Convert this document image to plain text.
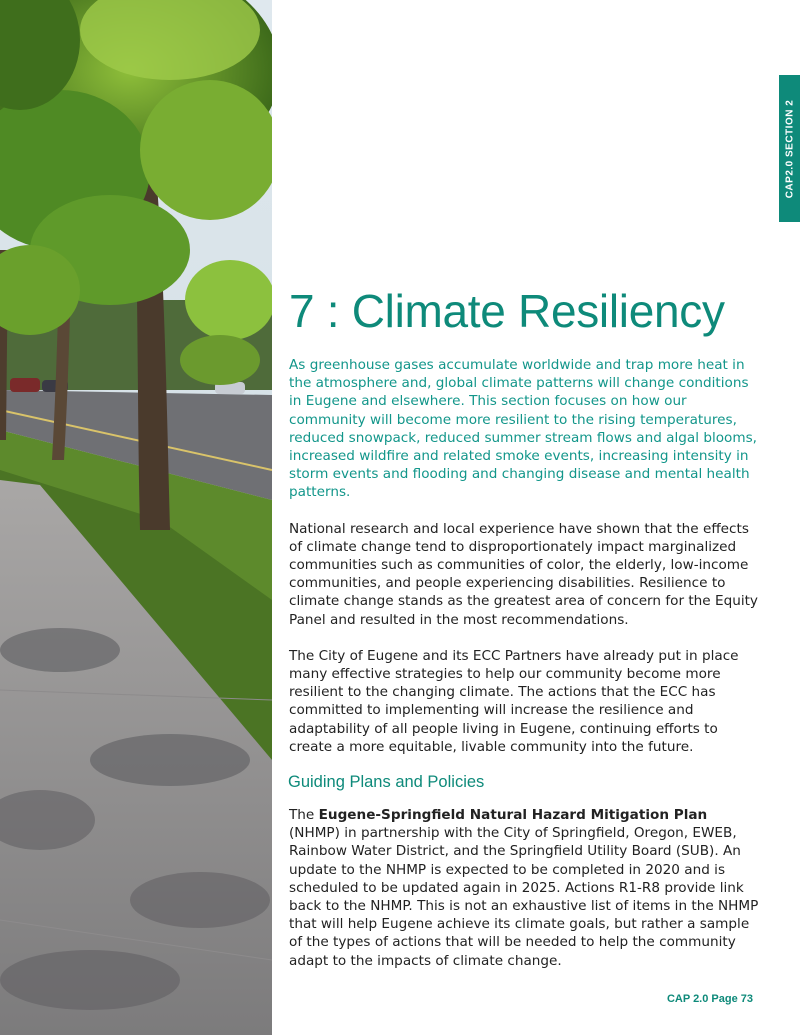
CAP2.0 SECTION 2
7 : Climate Resiliency

As greenhouse gases accumulate worldwide and trap more heat in the atmosphere and, global climate patterns will change conditions in Eugene and elsewhere. This section focuses on how our community will become more resilient to the rising temperatures, reduced snowpack, reduced summer stream flows and algal blooms, increased wildfire and related smoke events, increasing intensity in storm events and flooding and changing disease and mental health patterns.

National research and local experience have shown that the effects of climate change tend to disproportionately impact marginalized communities such as communities of color, the elderly, low-income communities, and people experiencing disabilities. Resilience to climate change stands as the greatest area of concern for the Equity Panel and resulted in the most recommendations.

The City of Eugene and its ECC Partners have already put in place many effective strategies to help our community become more resilient to the changing climate. The actions that the ECC has committed to implementing will increase the resilience and adaptability of all people living in Eugene, continuing efforts to create a more equitable, livable community into the future.

Guiding Plans and Policies

The Eugene-Springfield Natural Hazard Mitigation Plan (NHMP) in partnership with the City of Springfield, Oregon, EWEB, Rainbow Water District, and the Springfield Utility Board (SUB). An update to the NHMP is expected to be completed in 2020 and is scheduled to be updated again in 2025. Actions R1-R8 provide link back to the NHMP. This is not an exhaustive list of items in the NHMP that will help Eugene achieve its climate goals, but rather a sample of the types of actions that will be needed to help the community adapt to the impacts of climate change.

CAP 2.0 Page 73
